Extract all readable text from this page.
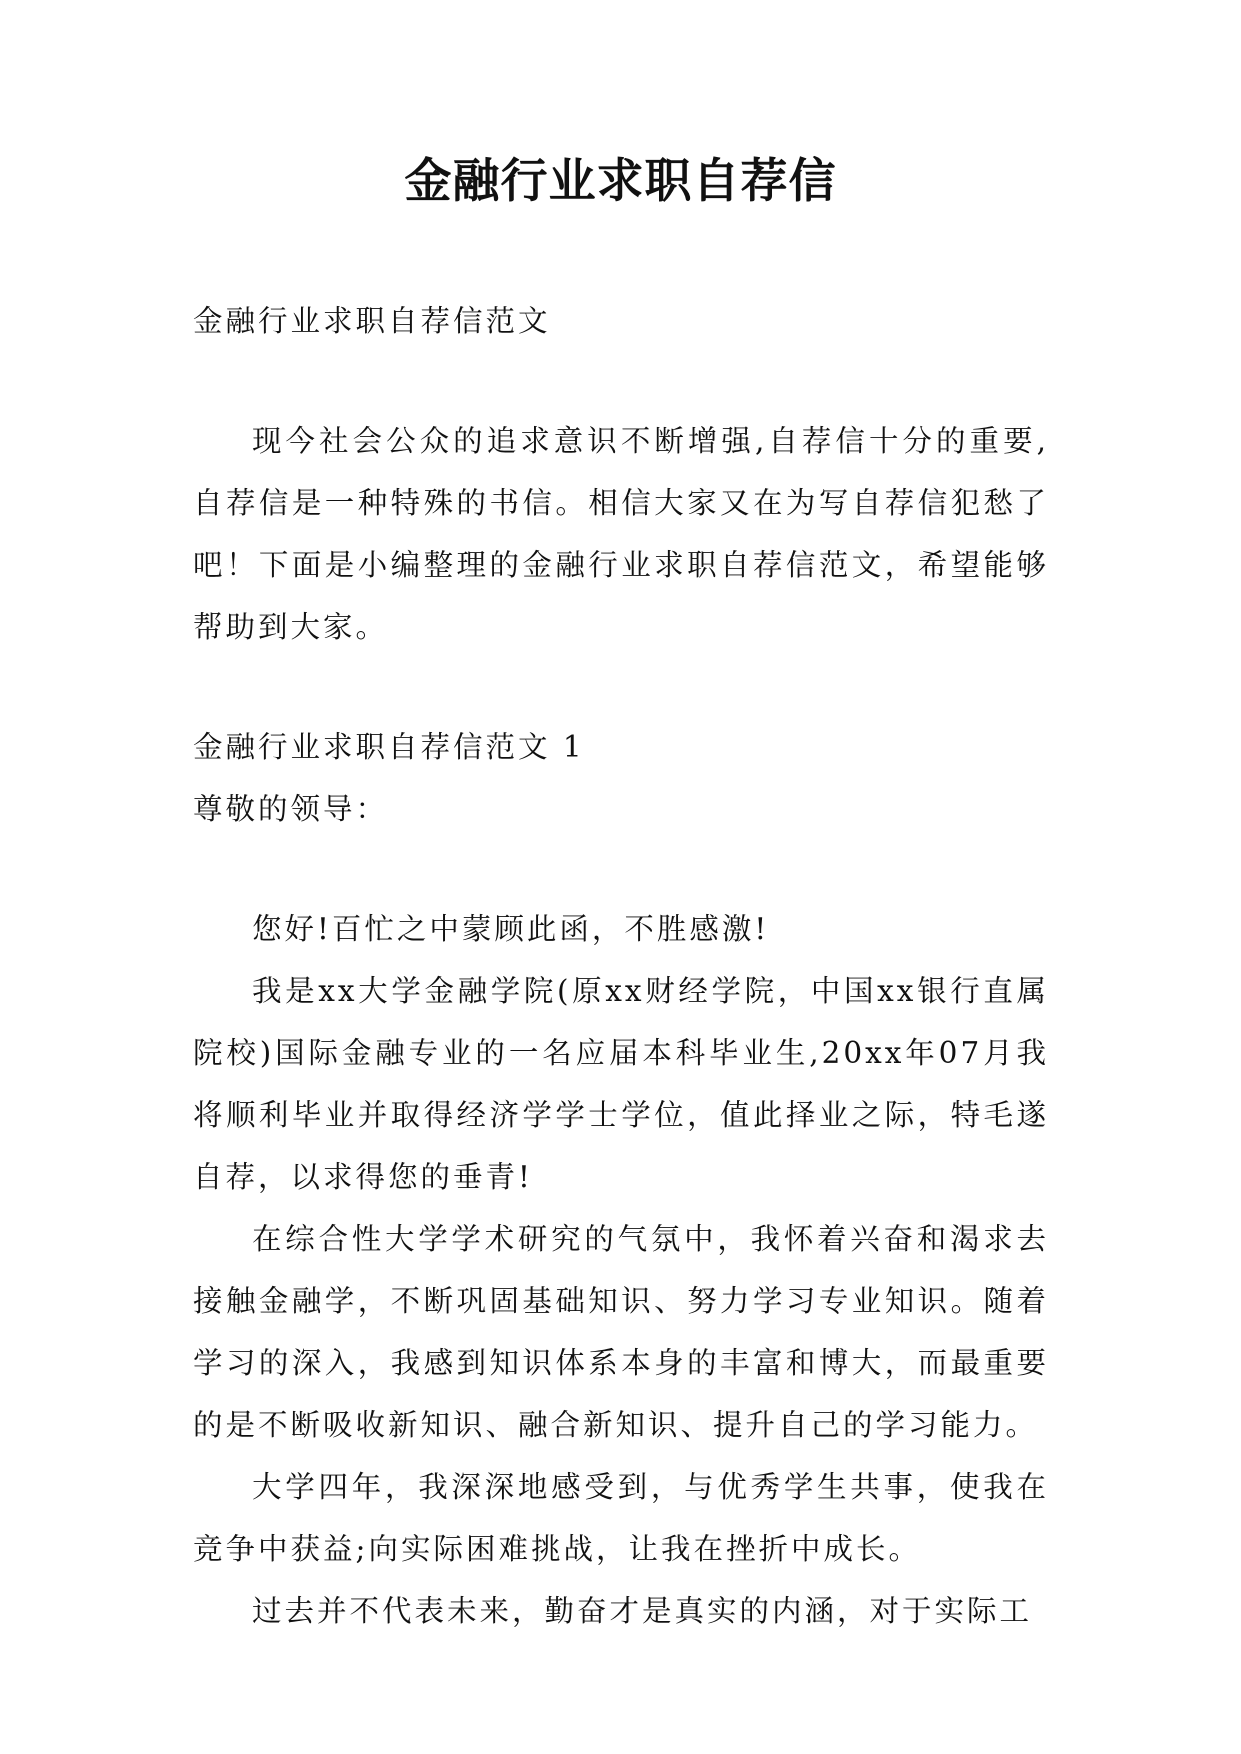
金融行业求职自荐信

金融行业求职自荐信范文

现今社会公众的追求意识不断增强,自荐信十分的重要,自荐信是一种特殊的书信。相信大家又在为写自荐信犯愁了吧！下面是小编整理的金融行业求职自荐信范文，希望能够帮助到大家。

金融行业求职自荐信范文 1

尊敬的领导：

您好!百忙之中蒙顾此函，不胜感激!

我是xx大学金融学院(原xx财经学院，中国xx银行直属院校)国际金融专业的一名应届本科毕业生,20xx年07月我将顺利毕业并取得经济学学士学位，值此择业之际，特毛遂自荐，以求得您的垂青!

在综合性大学学术研究的气氛中，我怀着兴奋和渴求去接触金融学，不断巩固基础知识、努力学习专业知识。随着学习的深入，我感到知识体系本身的丰富和博大，而最重要的是不断吸收新知识、融合新知识、提升自己的学习能力。

大学四年，我深深地感受到，与优秀学生共事，使我在竞争中获益;向实际困难挑战，让我在挫折中成长。

过去并不代表未来，勤奋才是真实的内涵，对于实际工
